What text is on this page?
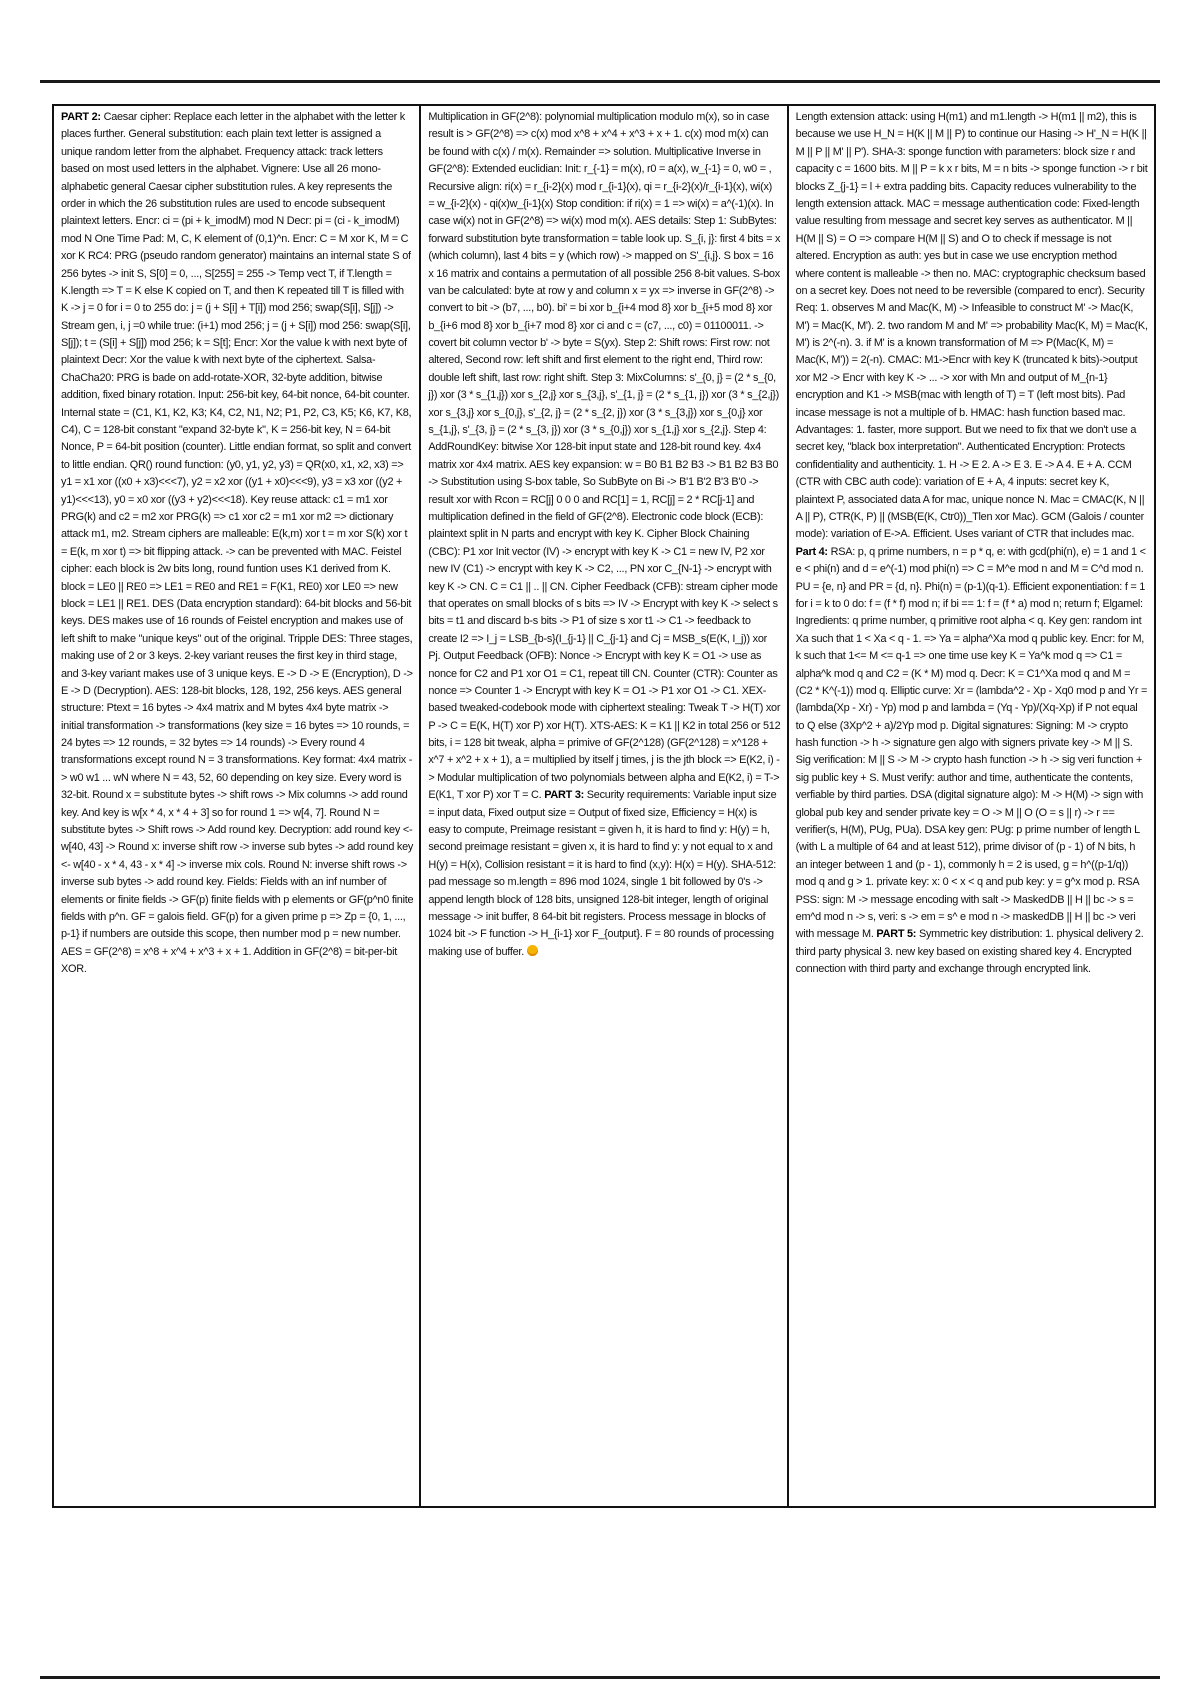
PART 2: Caesar cipher: Replace each letter in the alphabet with the letter k places further. General substitution: each plain text letter is assigned a unique random letter from the alphabet. Frequency attack: track letters based on most used letters in the alphabet. Vignere: Use all 26 mono-alphabetic general Caesar cipher substitution rules. A key represents the order in which the 26 substitution rules are used to encode subsequent plaintext letters. Encr: ci = (pi + k_imodM) mod N Decr: pi = (ci - k_imodM) mod N One Time Pad: M, C, K element of (0,1)^n. Encr: C = M xor K, M = C xor K RC4: PRG (pseudo random generator) maintains an internal state S of 256 bytes -> init S, S[0] = 0, ..., S[255] = 255 -> Temp vect T, if T.length = K.length => T = K else K copied on T, and then K repeated till T is filled with K -> j = 0 for i = 0 to 255 do: j = (j + S[i] + T[i]) mod 256; swap(S[i], S[j]) -> Stream gen, i, j =0 while true: (i+1) mod 256; j = (j + S[i]) mod 256: swap(S[i], S[j]); t = (S[i] + S[j]) mod 256; k = S[t]; Encr: Xor the value k with next byte of plaintext Decr: Xor the value k with next byte of the ciphertext. Salsa- ChaCha20: PRG is bade on add-rotate-XOR, 32-byte addition, bitwise addition, fixed binary rotation. Input: 256-bit key, 64-bit nonce, 64-bit counter. Internal state = (C1, K1, K2, K3; K4, C2, N1, N2; P1, P2, C3, K5; K6, K7, K8, C4), C = 128-bit constant "expand 32-byte k", K = 256-bit key, N = 64-bit Nonce, P = 64-bit position (counter). Little endian format, so split and convert to little endian. QR() round function: (y0, y1, y2, y3) = QR(x0, x1, x2, x3) => y1 = x1 xor ((x0 + x3)<<<7), y2 = x2 xor ((y1 + x0)<<<9), y3 = x3 xor ((y2 + y1)<<<13), y0 = x0 xor ((y3 + y2)<<<18). Key reuse attack: c1 = m1 xor PRG(k) and c2 = m2 xor PRG(k) => c1 xor c2 = m1 xor m2 => dictionary attack m1, m2. Stream ciphers are malleable: E(k,m) xor t = m xor S(k) xor t = E(k, m xor t) => bit flipping attack. -> can be prevented with MAC. Feistel cipher: each block is 2w bits long, round funtion uses K1 derived from K. block = LE0 || RE0 => LE1 = RE0 and RE1 = F(K1, RE0) xor LE0 => new block = LE1 || RE1. DES (Data encryption standard): 64-bit blocks and 56-bit keys. DES makes use of 16 rounds of Feistel encryption and makes use of left shift to make "unique keys" out of the original. Tripple DES: Three stages, making use of 2 or 3 keys. 2-key variant reuses the first key in third stage, and 3-key variant makes use of 3 unique keys. E -> D -> E (Encryption), D -> E -> D (Decryption). AES: 128-bit blocks, 128, 192, 256 keys. AES general structure: Ptext = 16 bytes -> 4x4 matrix and M bytes 4x4 byte matrix -> initial transformation -> transformations (key size = 16 bytes => 10 rounds, = 24 bytes => 12 rounds, = 32 bytes => 14 rounds) -> Every round 4 transformations except round N = 3 transformations. Key format: 4x4 matrix -> w0 w1 ... wN where N = 43, 52, 60 depending on key size. Every word is 32-bit. Round x = substitute bytes -> shift rows -> Mix columns -> add round key. And key is w[x * 4, x * 4 + 3] so for round 1 => w[4, 7]. Round N = substitute bytes -> Shift rows -> Add round key. Decryption: add round key <- w[40, 43] -> Round x: inverse shift row -> inverse sub bytes -> add round key <- w[40 - x * 4, 43 - x * 4] -> inverse mix cols. Round N: inverse shift rows -> inverse sub bytes -> add round key. Fields: Fields with an inf number of elements or finite fields -> GF(p) finite fields with p elements or GF(p^n0 finite fields with p^n. GF = galois field. GF(p) for a given prime p => Zp = {0, 1, ..., p-1} if numbers are outside this scope, then number mod p = new number. AES = GF(2^8) = x^8 + x^4 + x^3 + x + 1. Addition in GF(2^8) = bit-per-bit XOR.
Multiplication in GF(2^8): polynomial multiplication modulo m(x), so in case result is > GF(2^8) => c(x) mod x^8 + x^4 + x^3 + x + 1. c(x) mod m(x) can be found with c(x) / m(x). Remainder => solution. Multiplicative Inverse in GF(2^8): Extended euclidian: Init: r_{-1} = m(x), r0 = a(x), w_{-1} = 0, w0 = , Recursive align: ri(x) = r_{i-2}(x) mod r_{i-1}(x), qi = r_{i-2}(x)/r_{i-1}(x), wi(x) = w_{i-2}(x) - qi(x)w_{i-1}(x) Stop condition: if ri(x) = 1 => wi(x) = a^(-1)(x). In case wi(x) not in GF(2^8) => wi(x) mod m(x). AES details: Step 1: SubBytes: forward substitution byte transformation = table look up. S_{i, j}: first 4 bits = x (which column), last 4 bits = y (which row) -> mapped on S'_{i,j}. S box = 16 x 16 matrix and contains a permutation of all possible 256 8-bit values. S-box van be calculated: byte at row y and column x = yx => inverse in GF(2^8) -> convert to bit -> (b7, ..., b0). bi' = bi xor b_{i+4 mod 8} xor b_{i+5 mod 8} xor b_{i+6 mod 8} xor b_{i+7 mod 8} xor ci and c = (c7, ..., c0) = 01100011. -> covert bit column vector b' -> byte = S(yx). Step 2: Shift rows: First row: not altered, Second row: left shift and first element to the right end, Third row: double left shift, last row: right shift. Step 3: MixColumns: s'_{0, j} = (2 * s_{0, j}) xor (3 * s_{1,j}) xor s_{2,j} xor s_{3,j}, s'_{1, j} = (2 * s_{1, j}) xor (3 * s_{2,j}) xor s_{3,j} xor s_{0,j}, s'_{2, j} = (2 * s_{2, j}) xor (3 * s_{3,j}) xor s_{0,j} xor s_{1,j}, s'_{3, j} = (2 * s_{3, j}) xor (3 * s_{0,j}) xor s_{1,j} xor s_{2,j}. Step 4: AddRoundKey: bitwise Xor 128-bit input state and 128-bit round key. 4x4 matrix xor 4x4 matrix. AES key expansion: w = B0 B1 B2 B3 -> B1 B2 B3 B0 -> Substitution using S-box table, So SubByte on Bi -> B'1 B'2 B'3 B'0 -> result xor with Rcon = RC[j] 0 0 0 and RC[1] = 1, RC[j] = 2 * RC[j-1] and multiplication defined in the field of GF(2^8). Electronic code block (ECB): plaintext split in N parts and encrypt with key K. Cipher Block Chaining (CBC): P1 xor Init vector (IV) -> encrypt with key K -> C1 = new IV, P2 xor new IV (C1) -> encrypt with key K -> C2, ..., PN xor C_{N-1} -> encrypt with key K -> CN. C = C1 || .. || CN. Cipher Feedback (CFB): stream cipher mode that operates on small blocks of s bits => IV -> Encrypt with key K -> select s bits = t1 and discard b-s bits -> P1 of size s xor t1 -> C1 -> feedback to create I2 => I_j = LSB_{b-s}(I_{j-1} || C_{j-1} and Cj = MSB_s(E(K, I_j)) xor Pj. Output Feedback (OFB): Nonce -> Encrypt with key K = O1 -> use as nonce for C2 and P1 xor O1 = C1, repeat till CN. Counter (CTR): Counter as nonce => Counter 1 -> Encrypt with key K = O1 -> P1 xor O1 -> C1. XEX-based tweaked-codebook mode with ciphertext stealing: Tweak T -> H(T) xor P -> C = E(K, H(T) xor P) xor H(T). XTS-AES: K = K1 || K2 in total 256 or 512 bits, i = 128 bit tweak, alpha = primive of GF(2^128) (GF(2^128) = x^128 + x^7 + x^2 + x + 1), a = multiplied by itself j times, j is the jth block => E(K2, i) -> Modular multiplication of two polynomials between alpha and E(K2, i) = T-> E(K1, T xor P) xor T = C. PART 3: Security requirements: Variable input size = input data, Fixed output size = Output of fixed size, Efficiency = H(x) is easy to compute, Preimage resistant = given h, it is hard to find y: H(y) = h, second preimage resistant = given x, it is hard to find y: y not equal to x and H(y) = H(x), Collision resistant = it is hard to find (x,y): H(x) = H(y). SHA-512: pad message so m.length = 896 mod 1024, single 1 bit followed by 0's -> append length block of 128 bits, unsigned 128-bit integer, length of original message -> init buffer, 8 64-bit bit registers. Process message in blocks of 1024 bit -> F function -> H_{i-1} xor F_{output}. F = 80 rounds of processing making use of buffer.
Length extension attack: using H(m1) and m1.length -> H(m1 || m2), this is because we use H_N = H(K || M || P) to continue our Hasing -> H'_N = H(K || M || P || M' || P'). SHA-3: sponge function with parameters: block size r and capacity c = 1600 bits. M || P = k x r bits, M = n bits -> sponge function -> r bit blocks Z_{j-1} = l + extra padding bits. Capacity reduces vulnerability to the length extension attack. MAC = message authentication code: Fixed-length value resulting from message and secret key serves as authenticator. M || H(M || S) = O => compare H(M || S) and O to check if message is not altered. Encryption as auth: yes but in case we use encryption method where content is malleable -> then no. MAC: cryptographic checksum based on a secret key. Does not need to be reversible (compared to encr). Security Req: 1. observes M and Mac(K, M) -> Infeasible to construct M' -> Mac(K, M') = Mac(K, M'). 2. two random M and M' => probability Mac(K, M) = Mac(K, M') is 2^(-n). 3. if M' is a known transformation of M => P(Mac(K, M) = Mac(K, M')) = 2(-n). CMAC: M1->Encr with key K (truncated k bits)->output xor M2 -> Encr with key K -> ... -> xor with Mn and output of M_{n-1} encryption and K1 -> MSB(mac with length of T) = T (left most bits). Pad incase message is not a multiple of b. HMAC: hash function based mac. Advantages: 1. faster, more support. But we need to fix that we don't use a secret key, "black box interpretation". Authenticated Encryption: Protects confidentiality and authenticity. 1. H -> E 2. A -> E 3. E -> A 4. E + A. CCM (CTR with CBC auth code): variation of E + A, 4 inputs: secret key K, plaintext P, associated data A for mac, unique nonce N. Mac = CMAC(K, N || A || P), CTR(K, P) || (MSB(E(K, Ctr0))_Tlen xor Mac). GCM (Galois / counter mode): variation of E->A. Efficient. Uses variant of CTR that includes mac. Part 4: RSA: p, q prime numbers, n = p * q, e: with gcd(phi(n), e) = 1 and 1 < e < phi(n) and d = e^(-1) mod phi(n) => C = M^e mod n and M = C^d mod n. PU = {e, n} and PR = {d, n}. Phi(n) = (p-1)(q-1). Efficient exponentiation: f = 1 for i = k to 0 do: f = (f * f) mod n; if bi == 1: f = (f * a) mod n; return f; Elgamel: Ingredients: q prime number, q primitive root alpha < q. Key gen: random int Xa such that 1 < Xa < q - 1. => Ya = alpha^Xa mod q public key. Encr: for M, k such that 1<= M <= q-1 => one time use key K = Ya^k mod q => C1 = alpha^k mod q and C2 = (K * M) mod q. Decr: K = C1^Xa mod q and M = (C2 * K^(-1)) mod q. Elliptic curve: Xr = (lambda^2 - Xp - Xq0 mod p and Yr = (lambda(Xp - Xr) - Yp) mod p and lambda = (Yq - Yp)/(Xq-Xp) if P not equal to Q else (3Xp^2 + a)/2Yp mod p. Digital signatures: Signing: M -> crypto hash function -> h -> signature gen algo with signers private key -> M || S. Sig verification: M || S -> M -> crypto hash function -> h -> sig veri function + sig public key + S. Must verify: author and time, authenticate the contents, verfiable by third parties. DSA (digital signature algo): M -> H(M) -> sign with global pub key and sender private key = O -> M || O (O = s || r) -> r == verifier(s, H(M), PUg, PUa). DSA key gen: PUg: p prime number of length L (with L a multiple of 64 and at least 512), prime divisor of (p - 1) of N bits, h an integer between 1 and (p - 1), commonly h = 2 is used, g = h^((p-1/q)) mod q and g > 1. private key: x: 0 < x < q and pub key: y = g^x mod p. RSA PSS: sign: M -> message encoding with salt -> MaskedDB || H || bc -> s = em^d mod n -> s, veri: s -> em = s^ e mod n -> maskedDB || H || bc -> veri with message M. PART 5: Symmetric key distribution: 1. physical delivery 2. third party physical 3. new key based on existing shared key 4. Encrypted connection with third party and exchange through encrypted link.
